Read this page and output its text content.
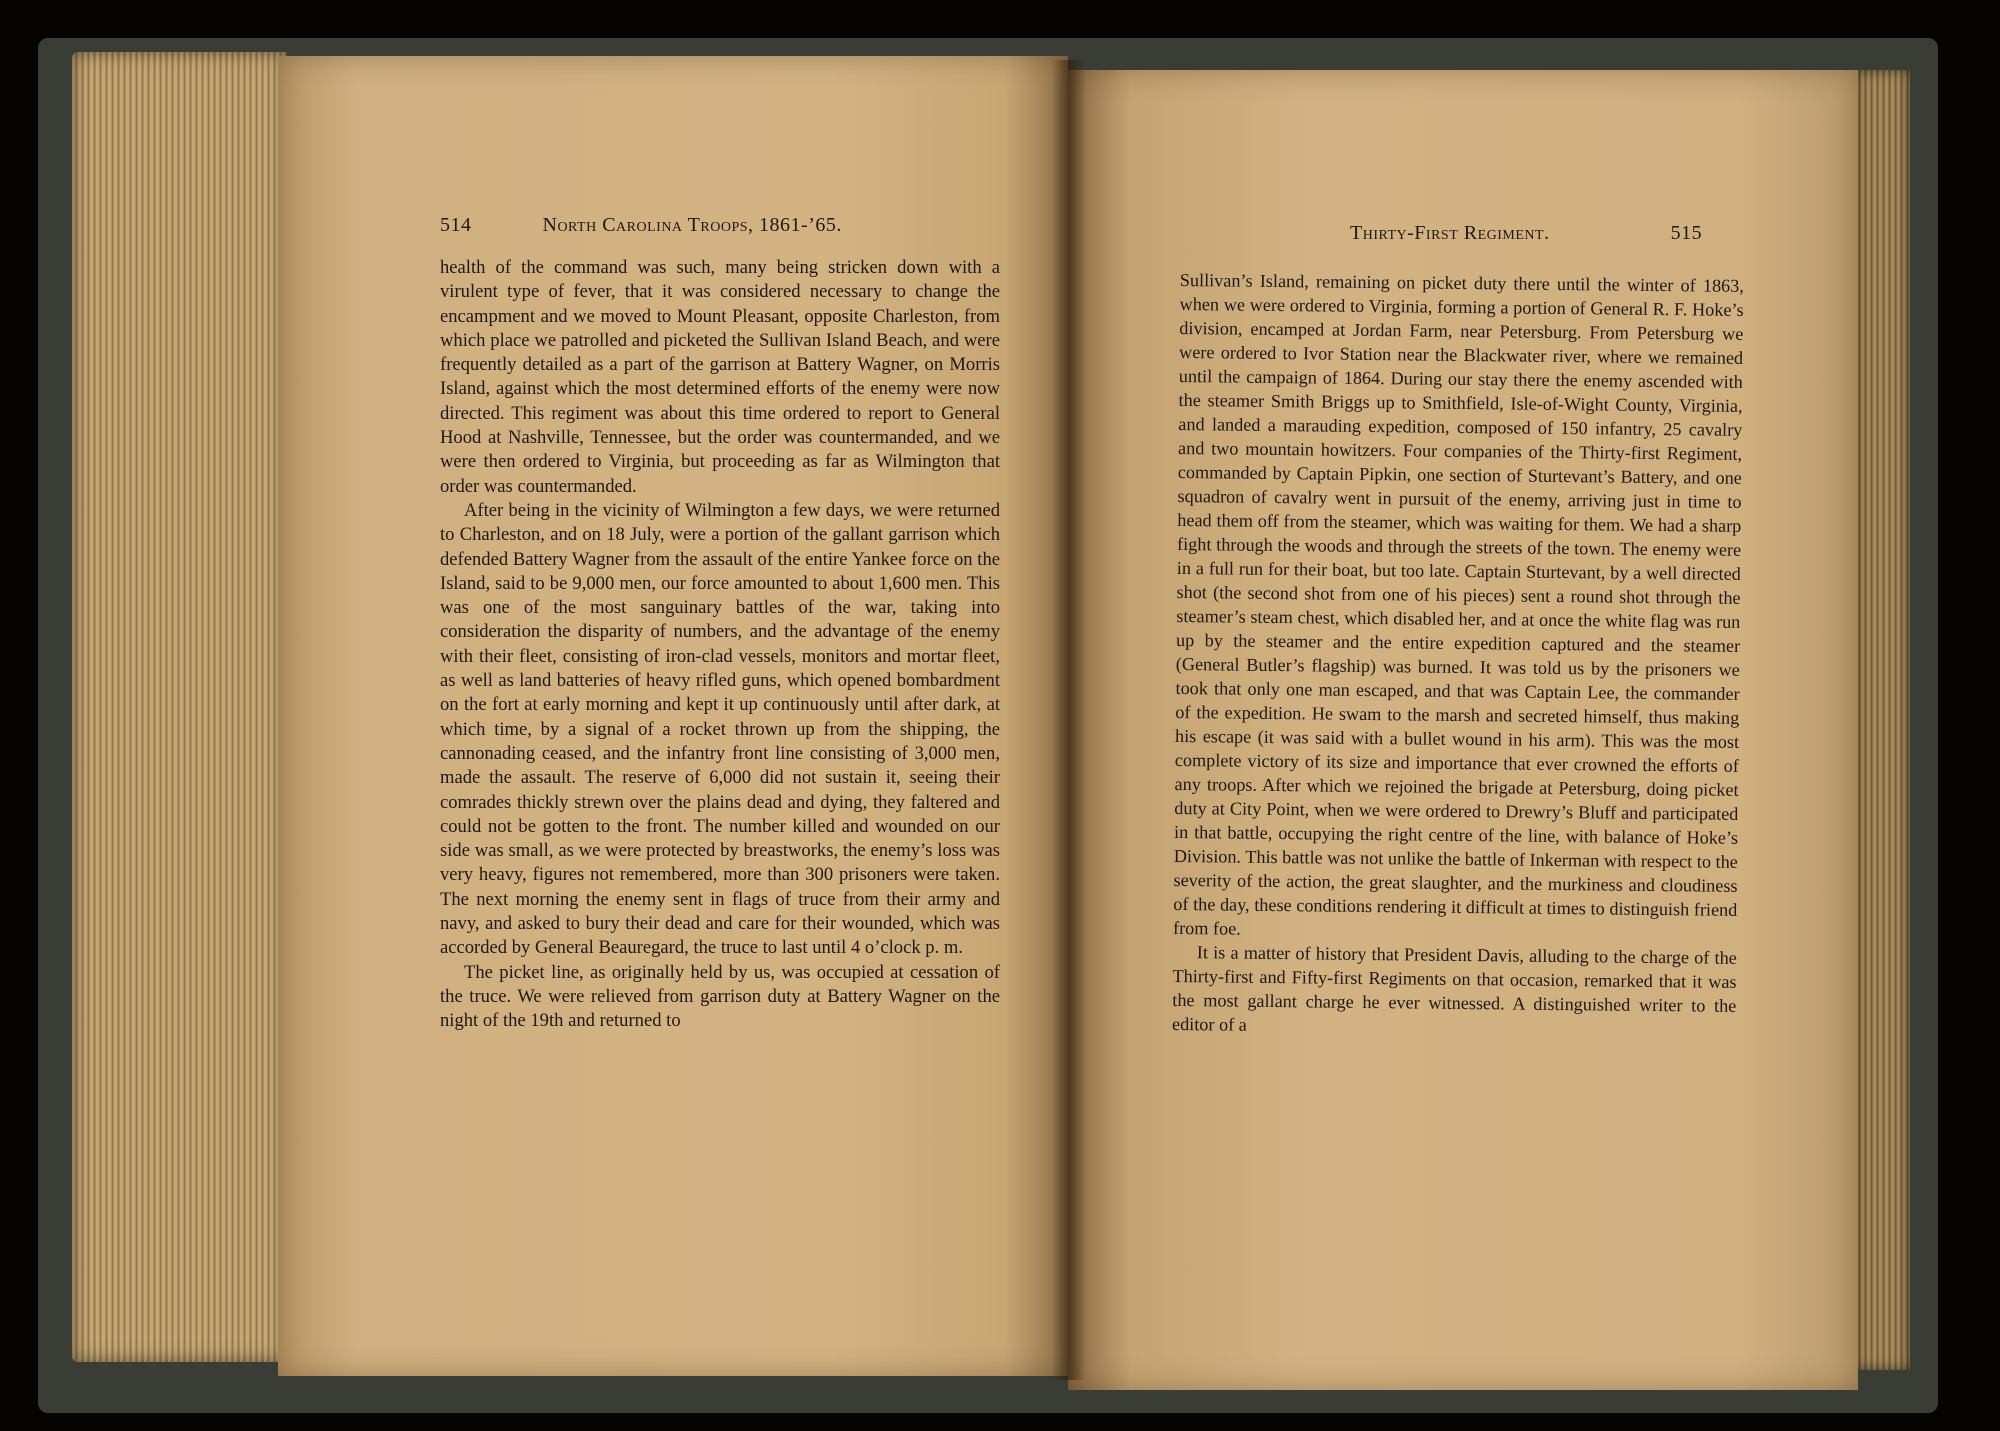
514	North Carolina Troops, 1861-’65.

health of the command was such, many being stricken down with a virulent type of fever, that it was considered necessary to change the encampment and we moved to Mount Pleasant, opposite Charleston, from which place we patrolled and picketed the Sullivan Island Beach, and were frequently detailed as a part of the garrison at Battery Wagner, on Morris Island, against which the most determined efforts of the enemy were now directed. This regiment was about this time ordered to report to General Hood at Nashville, Tennessee, but the order was countermanded, and we were then ordered to Virginia, but proceeding as far as Wilmington that order was countermanded.

After being in the vicinity of Wilmington a few days, we were returned to Charleston, and on 18 July, were a portion of the gallant garrison which defended Battery Wagner from the assault of the entire Yankee force on the Island, said to be 9,000 men, our force amounted to about 1,600 men. This was one of the most sanguinary battles of the war, taking into consideration the disparity of numbers, and the advantage of the enemy with their fleet, consisting of iron-clad vessels, monitors and mortar fleet, as well as land batteries of heavy rifled guns, which opened bombardment on the fort at early morning and kept it up continuously until after dark, at which time, by a signal of a rocket thrown up from the shipping, the cannonading ceased, and the infantry front line consisting of 3,000 men, made the assault. The reserve of 6,000 did not sustain it, seeing their comrades thickly strewn over the plains dead and dying, they faltered and could not be gotten to the front. The number killed and wounded on our side was small, as we were protected by breastworks, the enemy’s loss was very heavy, figures not remembered, more than 300 prisoners were taken. The next morning the enemy sent in flags of truce from their army and navy, and asked to bury their dead and care for their wounded, which was accorded by General Beauregard, the truce to last until 4 o’clock p. m.

The picket line, as originally held by us, was occupied at cessation of the truce. We were relieved from garrison duty at Battery Wagner on the night of the 19th and returned to

Thirty-First Regiment.	515

Sullivan’s Island, remaining on picket duty there until the winter of 1863, when we were ordered to Virginia, forming a portion of General R. F. Hoke’s division, encamped at Jordan Farm, near Petersburg. From Petersburg we were ordered to Ivor Station near the Blackwater river, where we remained until the campaign of 1864. During our stay there the enemy ascended with the steamer Smith Briggs up to Smithfield, Isle-of-Wight County, Virginia, and landed a marauding expedition, composed of 150 infantry, 25 cavalry and two mountain howitzers. Four companies of the Thirty-first Regiment, commanded by Captain Pipkin, one section of Sturtevant’s Battery, and one squadron of cavalry went in pursuit of the enemy, arriving just in time to head them off from the steamer, which was waiting for them. We had a sharp fight through the woods and through the streets of the town. The enemy were in a full run for their boat, but too late. Captain Sturtevant, by a well directed shot (the second shot from one of his pieces) sent a round shot through the steamer’s steam chest, which disabled her, and at once the white flag was run up by the steamer and the entire expedition captured and the steamer (General Butler’s flagship) was burned. It was told us by the prisoners we took that only one man escaped, and that was Captain Lee, the commander of the expedition. He swam to the marsh and secreted himself, thus making his escape (it was said with a bullet wound in his arm). This was the most complete victory of its size and importance that ever crowned the efforts of any troops. After which we rejoined the brigade at Petersburg, doing picket duty at City Point, when we were ordered to Drewry’s Bluff and participated in that battle, occupying the right centre of the line, with balance of Hoke’s Division. This battle was not unlike the battle of Inkerman with respect to the severity of the action, the great slaughter, and the murkiness and cloudiness of the day, these conditions rendering it difficult at times to distinguish friend from foe.

It is a matter of history that President Davis, alluding to the charge of the Thirty-first and Fifty-first Regiments on that occasion, remarked that it was the most gallant charge he ever witnessed. A distinguished writer to the editor of a
